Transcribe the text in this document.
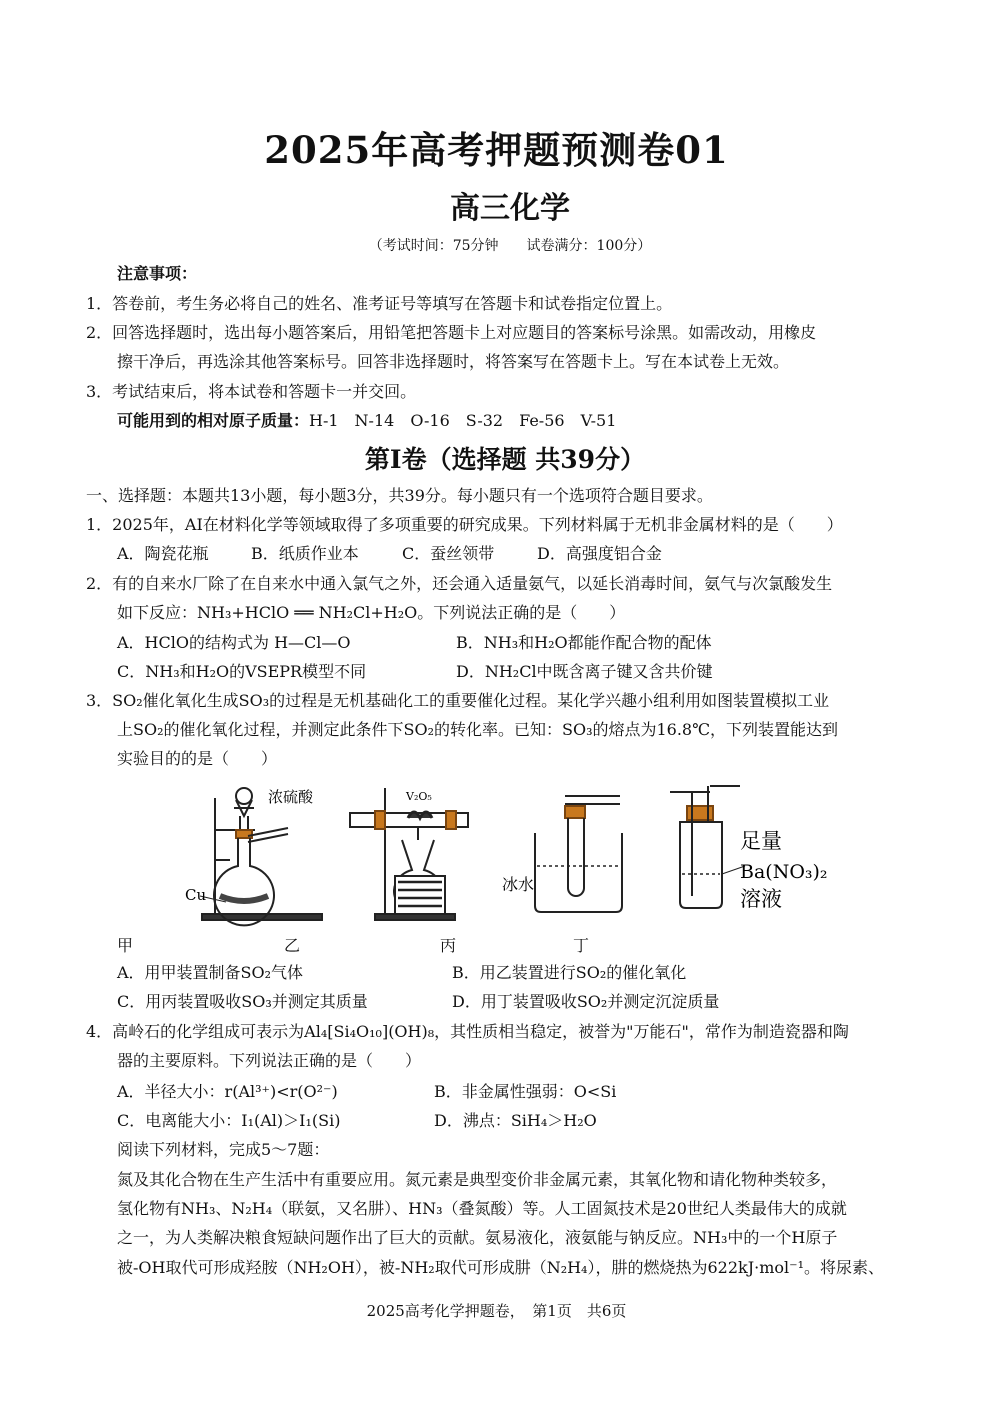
2025年高考押题预测卷01
高三化学
（考试时间：75分钟　　试卷满分：100分）
注意事项：
1．答卷前，考生务必将自己的姓名、准考证号等填写在答题卡和试卷指定位置上。
2．回答选择题时，选出每小题答案后，用铅笔把答题卡上对应题目的答案标号涂黑。如需改动，用橡皮
擦干净后，再选涂其他答案标号。回答非选择题时，将答案写在答题卡上。写在本试卷上无效。
3．考试结束后，将本试卷和答题卡一并交回。
可能用到的相对原子质量：H-1　N-14　O-16　S-32　Fe-56　V-51
第Ⅰ卷（选择题 共39分）
一、选择题：本题共13小题，每小题3分，共39分。每小题只有一个选项符合题目要求。
1．2025年，AI在材料化学等领域取得了多项重要的研究成果。下列材料属于无机非金属材料的是（　　）
A．陶瓷花瓶	B．纸质作业本	C．蚕丝领带	D．高强度铝合金
2．有的自来水厂除了在自来水中通入氯气之外，还会通入适量氨气，以延长消毒时间，氨气与次氯酸发生
如下反应：NH₃+HClO ══ NH₂Cl+H₂O。下列说法正确的是（　　）
A．HClO的结构式为 H—Cl—O	B．NH₃和H₂O都能作配合物的配体
C．NH₃和H₂O的VSEPR模型不同	D．NH₂Cl中既含离子键又含共价键
3．SO₂催化氧化生成SO₃的过程是无机基础化工的重要催化过程。某化学兴趣小组利用如图装置模拟工业
上SO₂的催化氧化过程，并测定此条件下SO₂的转化率。已知：SO₃的熔点为16.8℃，下列装置能达到
实验目的的是（　　）
浓硫酸
Cu
V₂O₅
冰水
足量
Ba(NO₃)₂
溶液
甲	乙	丙	丁
A．用甲装置制备SO₂气体	B．用乙装置进行SO₂的催化氧化
C．用丙装置吸收SO₃并测定其质量	D．用丁装置吸收SO₂并测定沉淀质量
4．高岭石的化学组成可表示为Al₄[Si₄O₁₀](OH)₈，其性质相当稳定，被誉为"万能石"，常作为制造瓷器和陶
器的主要原料。下列说法正确的是（　　）
A．半径大小：r(Al³⁺)<r(O²⁻)	B．非金属性强弱：O<Si
C．电离能大小：I₁(Al)＞I₁(Si)	D．沸点：SiH₄＞H₂O
阅读下列材料，完成5～7题：
氮及其化合物在生产生活中有重要应用。氮元素是典型变价非金属元素，其氧化物和请化物种类较多，
氢化物有NH₃、N₂H₄（联氨，又名肼）、HN₃（叠氮酸）等。人工固氮技术是20世纪人类最伟大的成就
之一，为人类解决粮食短缺问题作出了巨大的贡献。氨易液化，液氨能与钠反应。NH₃中的一个H原子
被-OH取代可形成羟胺（NH₂OH），被-NH₂取代可形成肼（N₂H₄），肼的燃烧热为622kJ·mol⁻¹。将尿素、
2025高考化学押题卷，　第1页　共6页
